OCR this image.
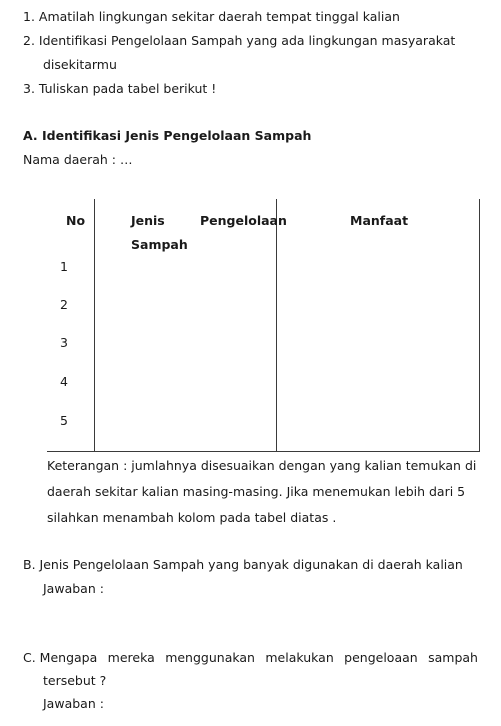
1. Amatilah lingkungan sekitar daerah tempat tinggal kalian
2. Identifikasi Pengelolaan Sampah yang ada lingkungan masyarakat
disekitarmu
3. Tuliskan pada tabel berikut !
A. Identifikasi Jenis Pengelolaan Sampah
Nama daerah : …
No	Jenis
Sampah
Pengelolaan	Manfaat
1
2
3
4
5
Keterangan : jumlahnya disesuaikan dengan yang kalian temukan di
daerah sekitar kalian masing-masing. Jika menemukan lebih dari 5
silahkan menambah kolom pada tabel diatas .
B. Jenis Pengelolaan Sampah yang banyak digunakan di daerah kalian
Jawaban :
C. Mengapa mereka menggunakan melakukan pengeloaan sampah
tersebut ?
Jawaban :
